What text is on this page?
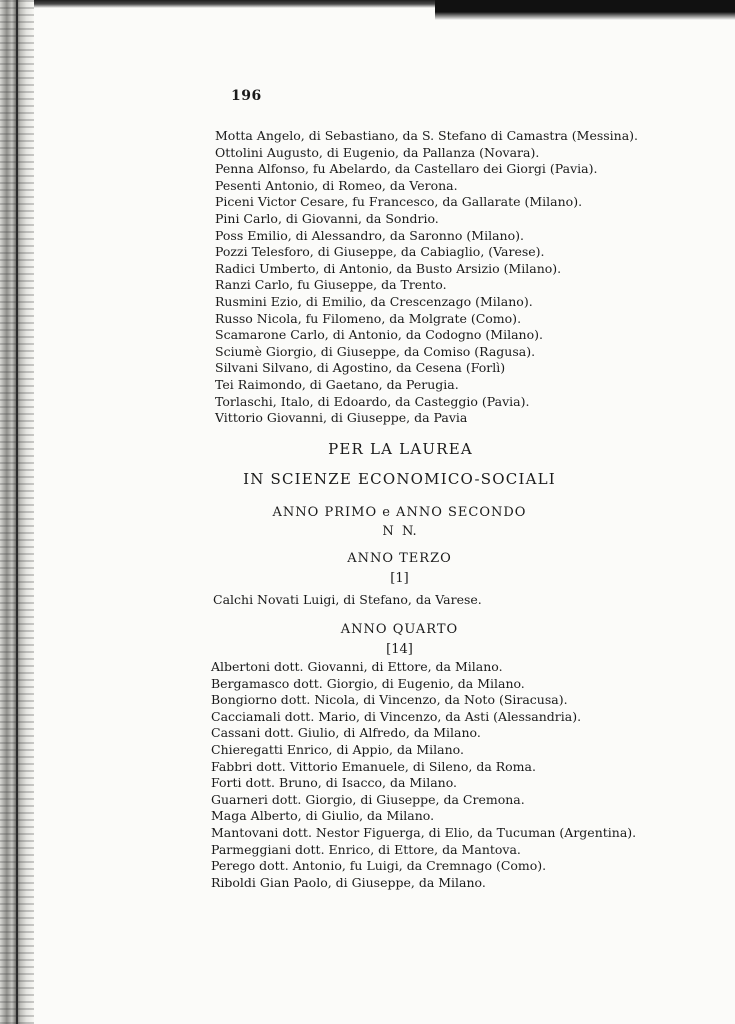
196
Motta Angelo, di Sebastiano, da S. Stefano di Camastra (Messina).
Ottolini Augusto, di Eugenio, da Pallanza (Novara).
Penna Alfonso, fu Abelardo, da Castellaro dei Giorgi (Pavia).
Pesenti Antonio, di Romeo, da Verona.
Piceni Victor Cesare, fu Francesco, da Gallarate (Milano).
Pini Carlo, di Giovanni, da Sondrio.
Poss Emilio, di Alessandro, da Saronno (Milano).
Pozzi Telesforo, di Giuseppe, da Cabiaglio, (Varese).
Radici Umberto, di Antonio, da Busto Arsizio (Milano).
Ranzi Carlo, fu Giuseppe, da Trento.
Rusmini Ezio, di Emilio, da Crescenzago (Milano).
Russo Nicola, fu Filomeno, da Molgrate (Como).
Scamarone Carlo, di Antonio, da Codogno (Milano).
Sciumè Giorgio, di Giuseppe, da Comiso (Ragusa).
Silvani Silvano, di Agostino, da Cesena (Forlì)
Tei Raimondo, di Gaetano, da Perugia.
Torlaschi, Italo, di Edoardo, da Casteggio (Pavia).
Vittorio Giovanni, di Giuseppe, da Pavia
PER LA LAUREA
IN SCIENZE ECONOMICO-SOCIALI
ANNO PRIMO e ANNO SECONDO
N  N.
ANNO TERZO
[1]
Calchi Novati Luigi, di Stefano, da Varese.
ANNO QUARTO
[14]
Albertoni dott. Giovanni, di Ettore, da Milano.
Bergamasco dott. Giorgio, di Eugenio, da Milano.
Bongiorno dott. Nicola, di Vincenzo, da Noto (Siracusa).
Cacciamali dott. Mario, di Vincenzo, da Asti (Alessandria).
Cassani dott. Giulio, di Alfredo, da Milano.
Chieregatti Enrico, di Appio, da Milano.
Fabbri dott. Vittorio Emanuele, di Sileno, da Roma.
Forti dott. Bruno, di Isacco, da Milano.
Guarneri dott. Giorgio, di Giuseppe, da Cremona.
Maga Alberto, di Giulio, da Milano.
Mantovani dott. Nestor Figuerga, di Elio, da Tucuman (Argentina).
Parmeggiani dott. Enrico, di Ettore, da Mantova.
Perego dott. Antonio, fu Luigi, da Cremnago (Como).
Riboldi Gian Paolo, di Giuseppe, da Milano.
